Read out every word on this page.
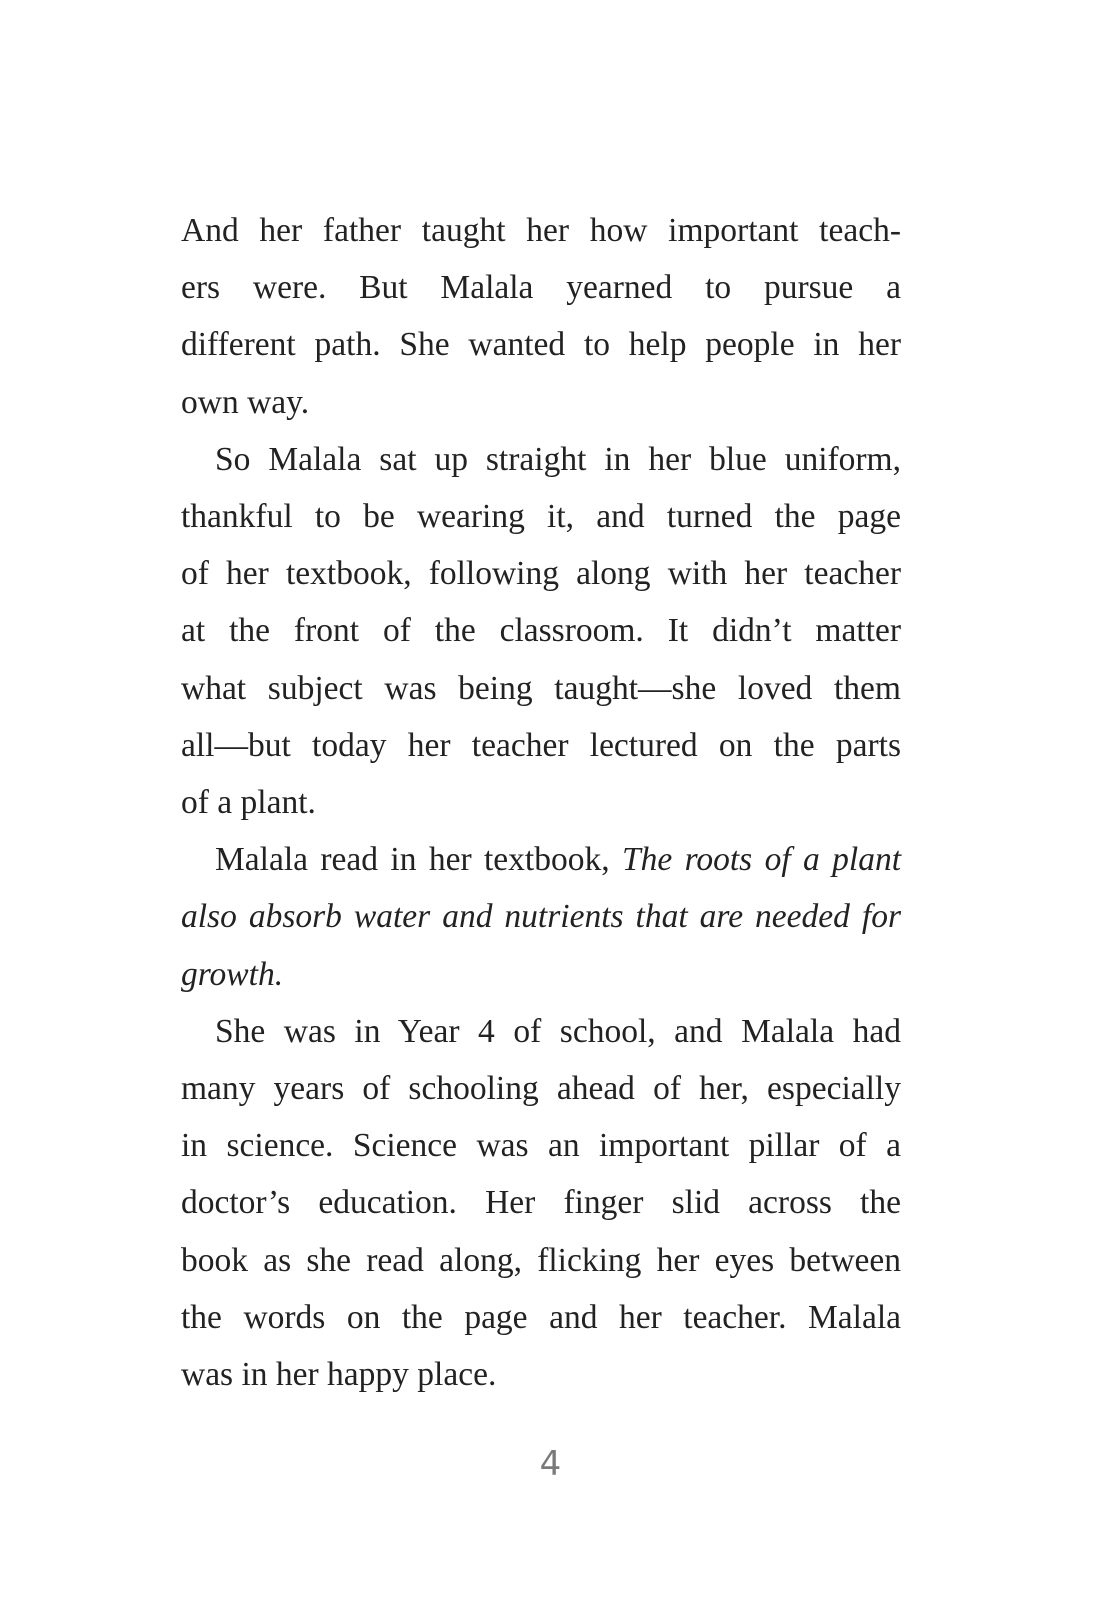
And her father taught her how important teach-
ers were. But Malala yearned to pursue a
different path. She wanted to help people in her
own way.

So Malala sat up straight in her blue uniform,
thankful to be wearing it, and turned the page
of her textbook, following along with her teacher
at the front of the classroom. It didn’t matter
what subject was being taught—she loved them
all—but today her teacher lectured on the parts
of a plant.

Malala read in her textbook, The roots of a plant
also absorb water and nutrients that are needed for
growth.

She was in Year 4 of school, and Malala had
many years of schooling ahead of her, especially
in science. Science was an important pillar of a
doctor’s education. Her finger slid across the
book as she read along, flicking her eyes between
the words on the page and her teacher. Malala
was in her happy place.

4
